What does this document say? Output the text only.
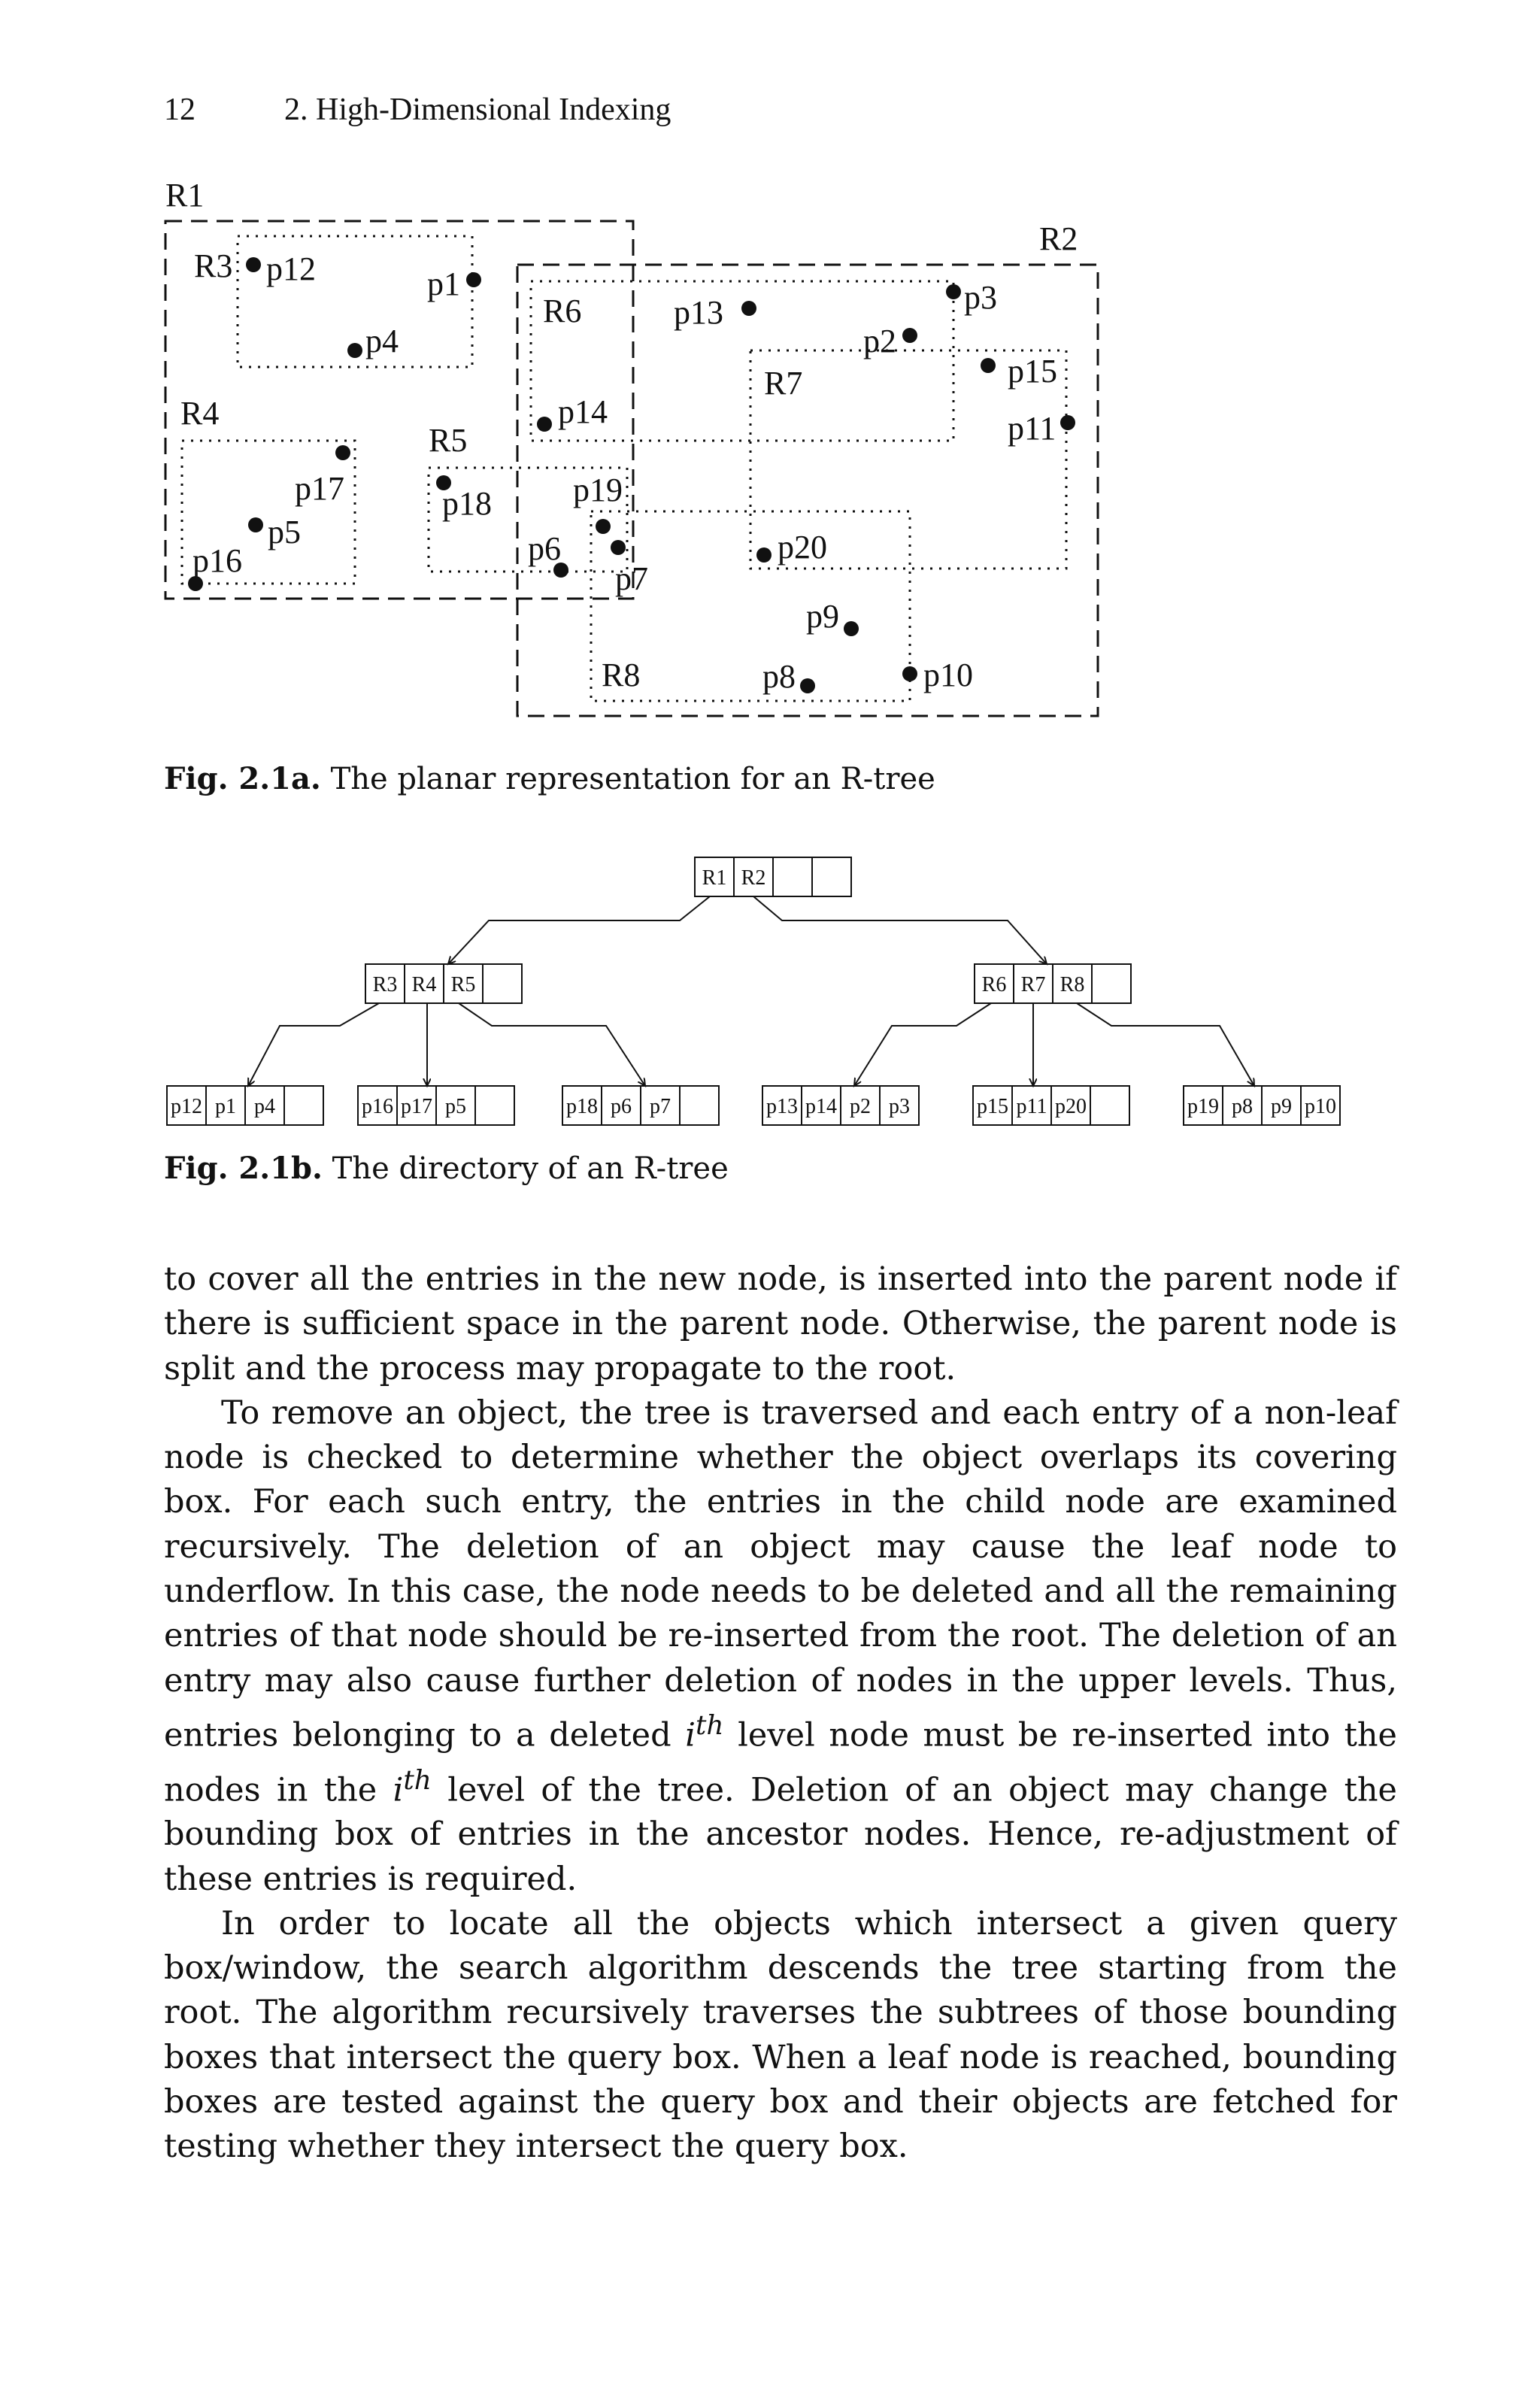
12	2. High-Dimensional Indexing
R1
R2
R3
R4
R5
R6
R7
R8
p12	p1
p4
p13	p3
p2
p15
p11
p14
p17	p18
p5
p16
p19
p7
p6	p20
p9
p8	p10
Fig. 2.1a. The planar representation for an R-tree
R1 R2
R3 R4 R5	R6 R7 R8
p12 p1 p4	p16 p17 p5	p18 p6 p7	p13 p14 p2 p3	p15 p11 p20	p19 p8 p9 p10
Fig. 2.1b. The directory of an R-tree

to cover all the entries in the new node, is inserted into the parent node if there is sufficient space in the parent node. Otherwise, the parent node is split and the process may propagate to the root.

To remove an object, the tree is traversed and each entry of a non-leaf node is checked to determine whether the object overlaps its covering box. For each such entry, the entries in the child node are examined recursively. The deletion of an object may cause the leaf node to underflow. In this case, the node needs to be deleted and all the remaining entries of that node should be re-inserted from the root. The deletion of an entry may also cause further deletion of nodes in the upper levels. Thus, entries belonging to a deleted $i^{th}$ level node must be re-inserted into the nodes in the $i^{th}$ level of the tree. Deletion of an object may change the bounding box of entries in the ancestor nodes. Hence, re-adjustment of these entries is required.

In order to locate all the objects which intersect a given query box/window, the search algorithm descends the tree starting from the root. The algorithm recursively traverses the subtrees of those bounding boxes that intersect the query box. When a leaf node is reached, bounding boxes are tested against the query box and their objects are fetched for testing whether they intersect the query box.
